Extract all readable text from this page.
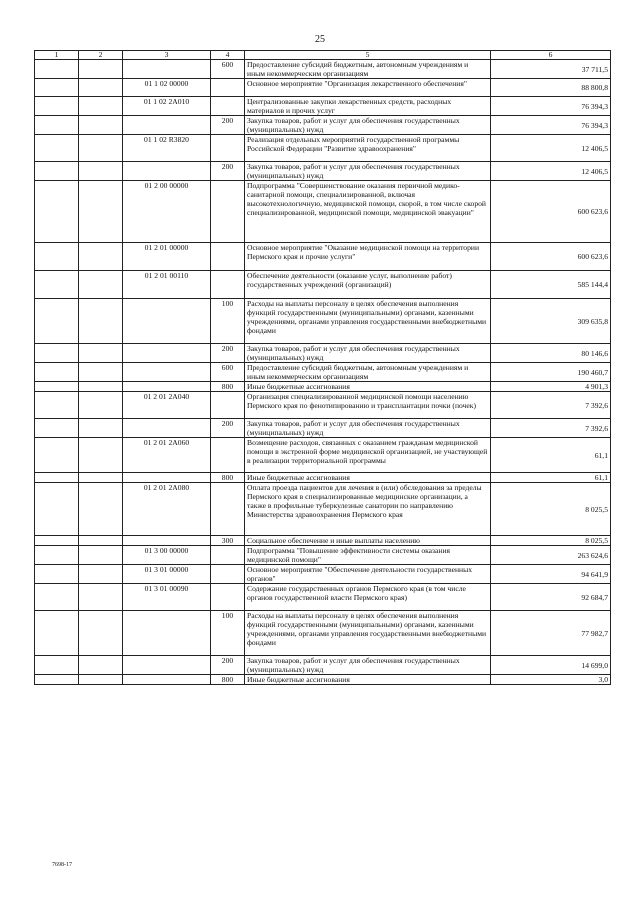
25
1	2	3	4	5	6
			600	Предоставление субсидий бюджетным, автономным учреждениям и иным некоммерческим организациям	37 711,5
		01 1 02 00000		Основное мероприятие "Организация лекарственного обеспечения"	88 800,8
		01 1 02 2А010		Централизованные закупки лекарственных средств, расходных материалов и прочих услуг	76 394,3
			200	Закупка товаров, работ и услуг для обеспечения государственных (муниципальных) нужд	76 394,3
		01 1 02 R3820		Реализация отдельных мероприятий государственной программы Российской Федерации "Развитие здравоохранения"	12 406,5
			200	Закупка товаров, работ и услуг для обеспечения государственных (муниципальных) нужд	12 406,5
		01 2 00 00000		Подпрограмма "Совершенствование оказания первичной медико-санитарной помощи, специализированной, включая высокотехнологичную, медицинской помощи, скорой, в том числе скорой специализированной, медицинской помощи, медицинской эвакуации"	600 623,6
		01 2 01 00000		Основное мероприятие "Оказание медицинской помощи на территории Пермского края и прочие услуги"	600 623,6
		01 2 01 00110		Обеспечение деятельности (оказание услуг, выполнение работ) государственных учреждений (организаций)	585 144,4
			100	Расходы на выплаты персоналу в целях обеспечения выполнения функций государственными (муниципальными) органами, казенными учреждениями, органами управления государственными внебюджетными фондами	309 635,8
			200	Закупка товаров, работ и услуг для обеспечения государственных (муниципальных) нужд	80 146,6
			600	Предоставление субсидий бюджетным, автономным учреждениям и иным некоммерческим организациям	190 460,7
			800	Иные бюджетные ассигнования	4 901,3
		01 2 01 2А040		Организация специализированной медицинской помощи населению Пермского края по фенотипированию и трансплантации почки (почек)	7 392,6
			200	Закупка товаров, работ и услуг для обеспечения государственных (муниципальных) нужд	7 392,6
		01 2 01 2А060		Возмещение расходов, связанных с оказанием гражданам медицинской помощи в экстренной форме медицинской организацией, не участвующей в реализации территориальной программы	61,1
			800	Иные бюджетные ассигнования	61,1
		01 2 01 2А080		Оплата проезда пациентов для лечения в (или) обследования за пределы Пермского края в специализированные медицинские организации, а также в профильные туберкулезные санатории по направлению Министерства здравоохранения Пермского края	8 025,5
			300	Социальное обеспечение и иные выплаты населению	8 025,5
		01 3 00 00000		Подпрограмма "Повышение эффективности системы оказания медицинской помощи"	263 624,6
		01 3 01 00000		Основное мероприятие "Обеспечение деятельности государственных органов"	94 641,9
		01 3 01 00090		Содержание государственных органов Пермского края (в том числе органов государственной власти Пермского края)	92 684,7
			100	Расходы на выплаты персоналу в целях обеспечения выполнения функций государственными (муниципальными) органами, казенными учреждениями, органами управления государственными внебюджетными фондами	77 982,7
			200	Закупка товаров, работ и услуг для обеспечения государственных (муниципальных) нужд	14 699,0
			800	Иные бюджетные ассигнования	3,0
7698-17
